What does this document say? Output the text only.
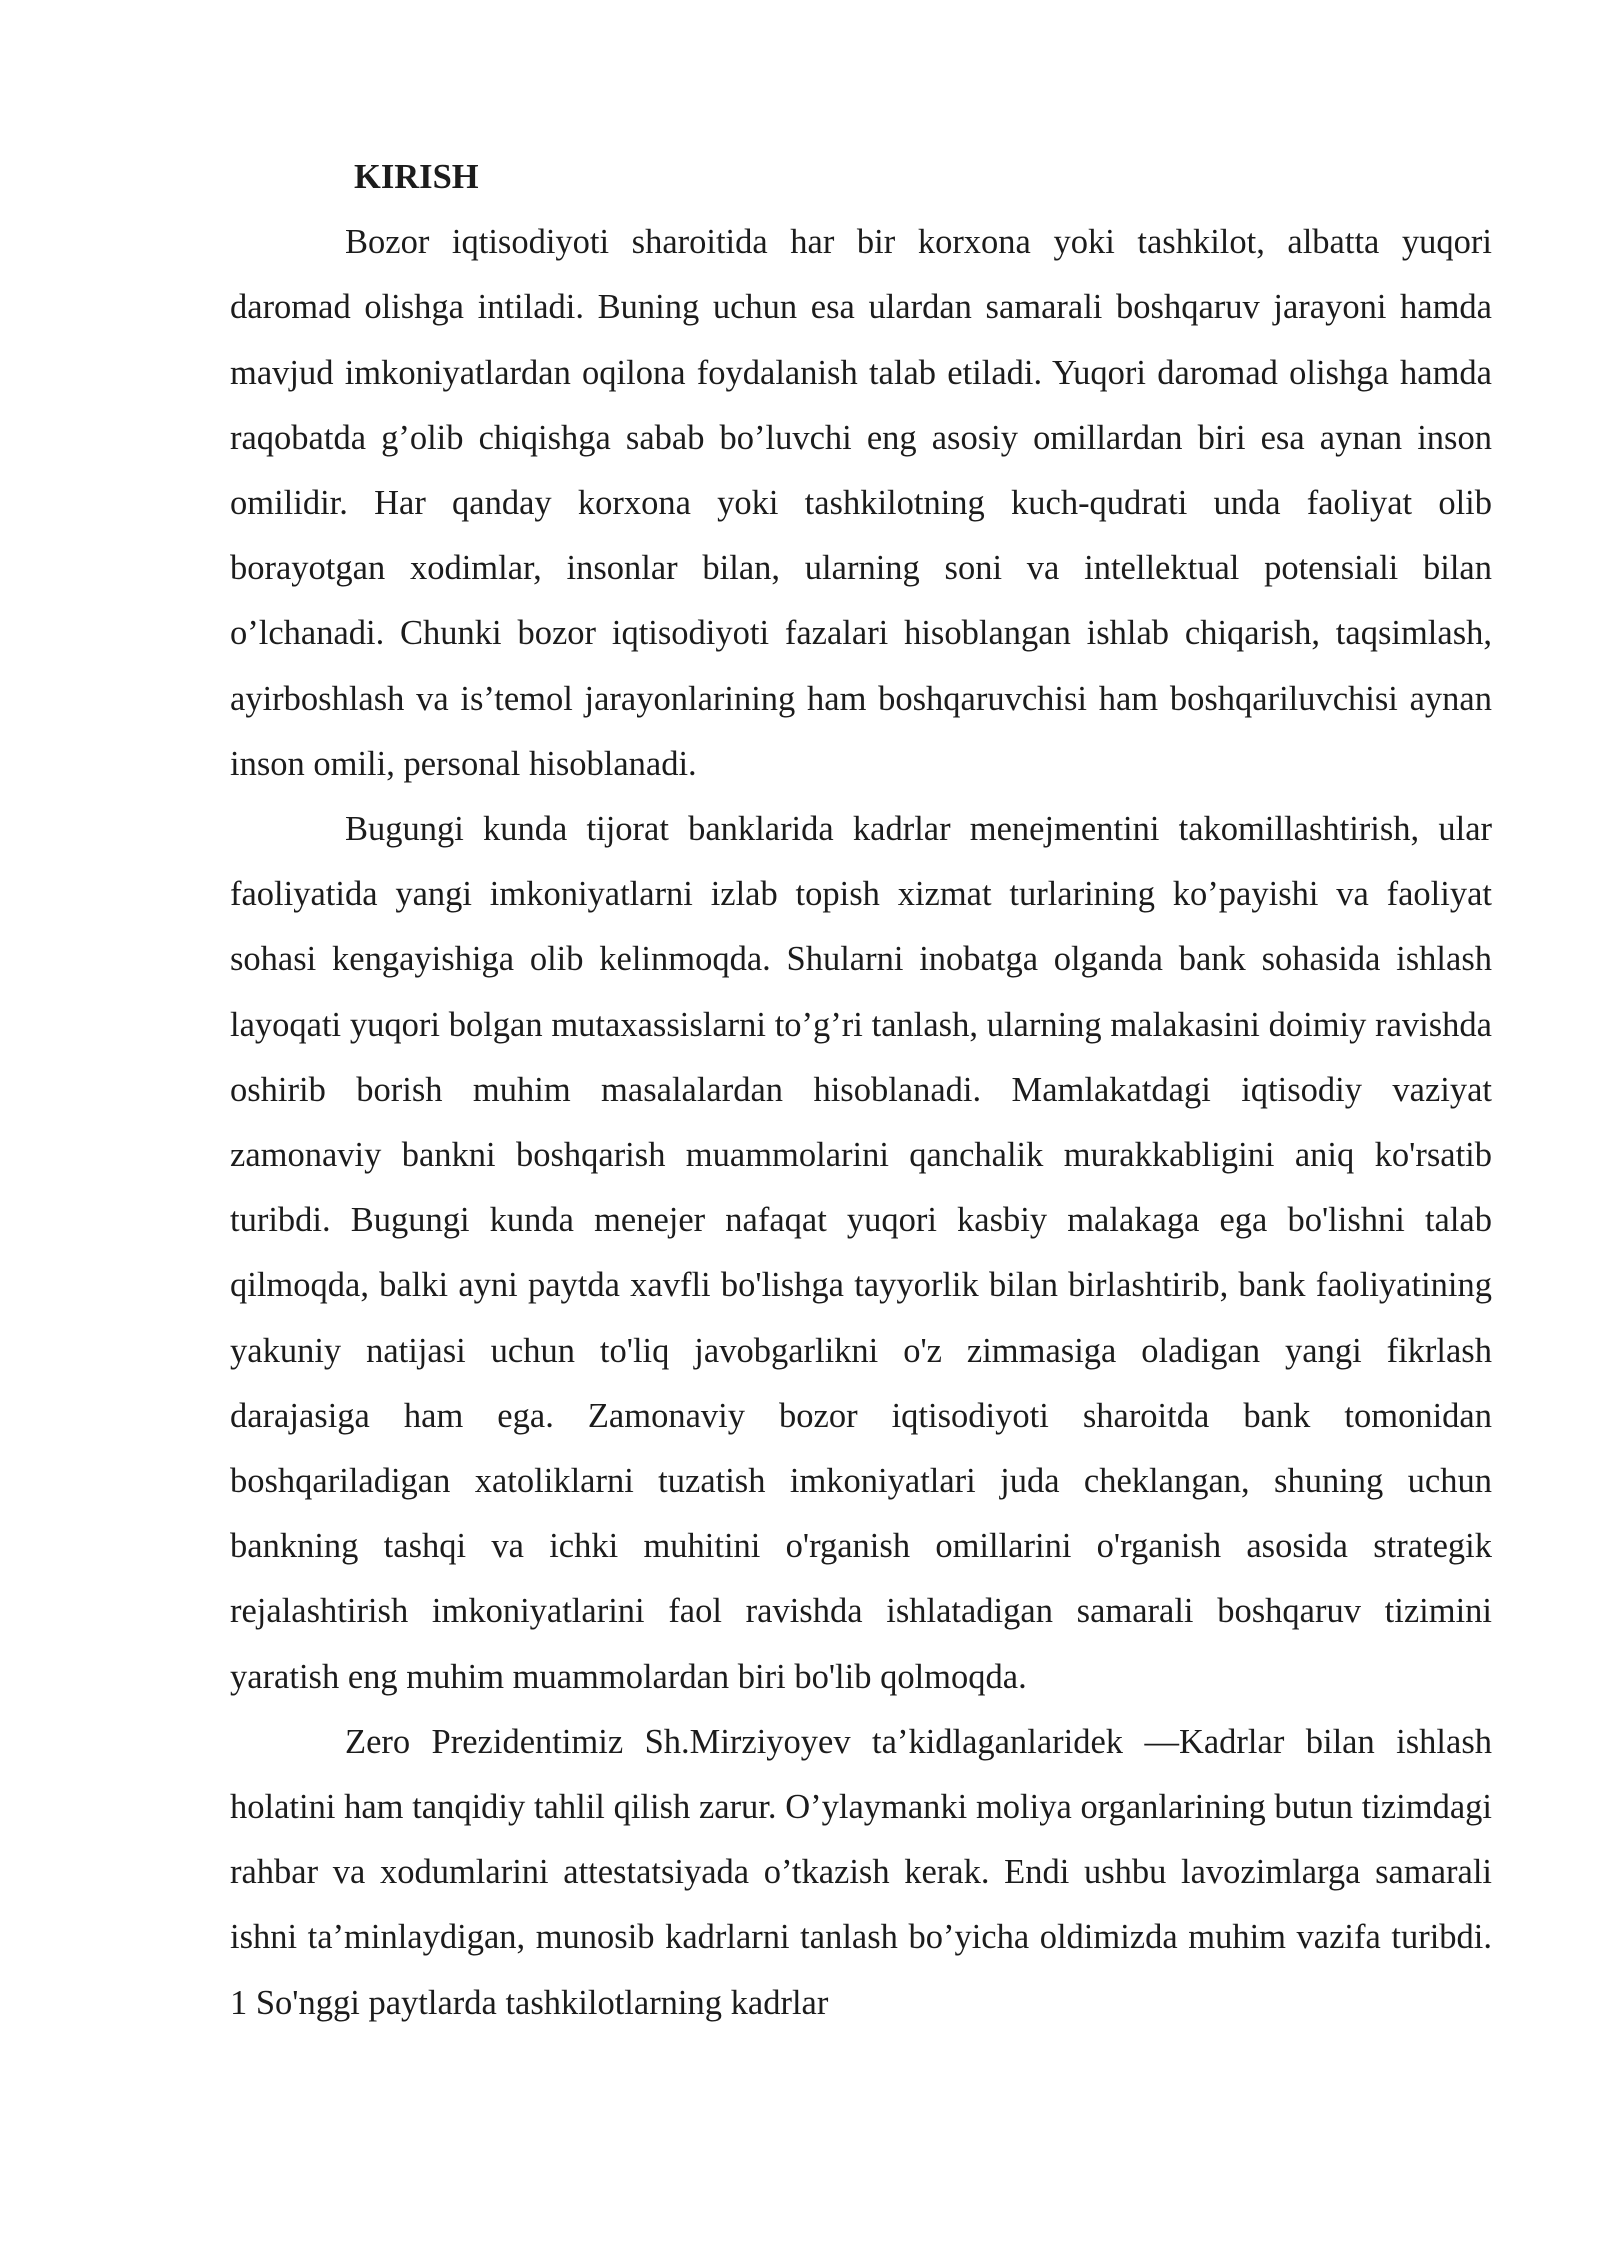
KIRISH

Bozor iqtisodiyoti sharoitida har bir korxona yoki tashkilot, albatta yuqori daromad olishga intiladi. Buning uchun esa ulardan samarali boshqaruv jarayoni hamda mavjud imkoniyatlardan oqilona foydalanish talab etiladi. Yuqori daromad olishga hamda raqobatda g’olib chiqishga sabab bo’luvchi eng asosiy omillardan biri esa aynan inson omilidir. Har qanday korxona yoki tashkilotning kuch-qudrati unda faoliyat olib borayotgan xodimlar, insonlar bilan, ularning soni va intellektual potensiali bilan o’lchanadi. Chunki bozor iqtisodiyoti fazalari hisoblangan ishlab chiqarish, taqsimlash, ayirboshlash va is’temol jarayonlarining ham boshqaruvchisi ham boshqariluvchisi aynan inson omili, personal hisoblanadi.

Bugungi kunda tijorat banklarida kadrlar menejmentini takomillashtirish, ular faoliyatida yangi imkoniyatlarni izlab topish xizmat turlarining ko’payishi va faoliyat sohasi kengayishiga olib kelinmoqda. Shularni inobatga olganda bank sohasida ishlash layoqati yuqori bolgan mutaxassislarni to’g’ri tanlash, ularning malakasini doimiy ravishda oshirib borish muhim masalalardan hisoblanadi. Mamlakatdagi iqtisodiy vaziyat zamonaviy bankni boshqarish muammolarini qanchalik murakkabligini aniq ko'rsatib turibdi. Bugungi kunda menejer nafaqat yuqori kasbiy malakaga ega bo'lishni talab qilmoqda, balki ayni paytda xavfli bo'lishga tayyorlik bilan birlashtirib, bank faoliyatining yakuniy natijasi uchun to'liq javobgarlikni o'z zimmasiga oladigan yangi fikrlash darajasiga ham ega. Zamonaviy bozor iqtisodiyoti sharoitda bank tomonidan boshqariladigan xatoliklarni tuzatish imkoniyatlari juda cheklangan, shuning uchun bankning tashqi va ichki muhitini o'rganish omillarini o'rganish asosida strategik rejalashtirish imkoniyatlarini faol ravishda ishlatadigan samarali boshqaruv tizimini yaratish eng muhim muammolardan biri bo'lib qolmoqda.

Zero Prezidentimiz Sh.Mirziyoyev ta’kidlaganlaridek ―Kadrlar bilan ishlash holatini ham tanqidiy tahlil qilish zarur. O’ylaymanki moliya organlarining butun tizimdagi rahbar va xodumlarini attestatsiyada o’tkazish kerak. Endi ushbu lavozimlarga samarali ishni ta’minlaydigan, munosib kadrlarni tanlash bo’yicha oldimizda muhim vazifa turibdi. 1 So'nggi paytlarda tashkilotlarning kadrlar
